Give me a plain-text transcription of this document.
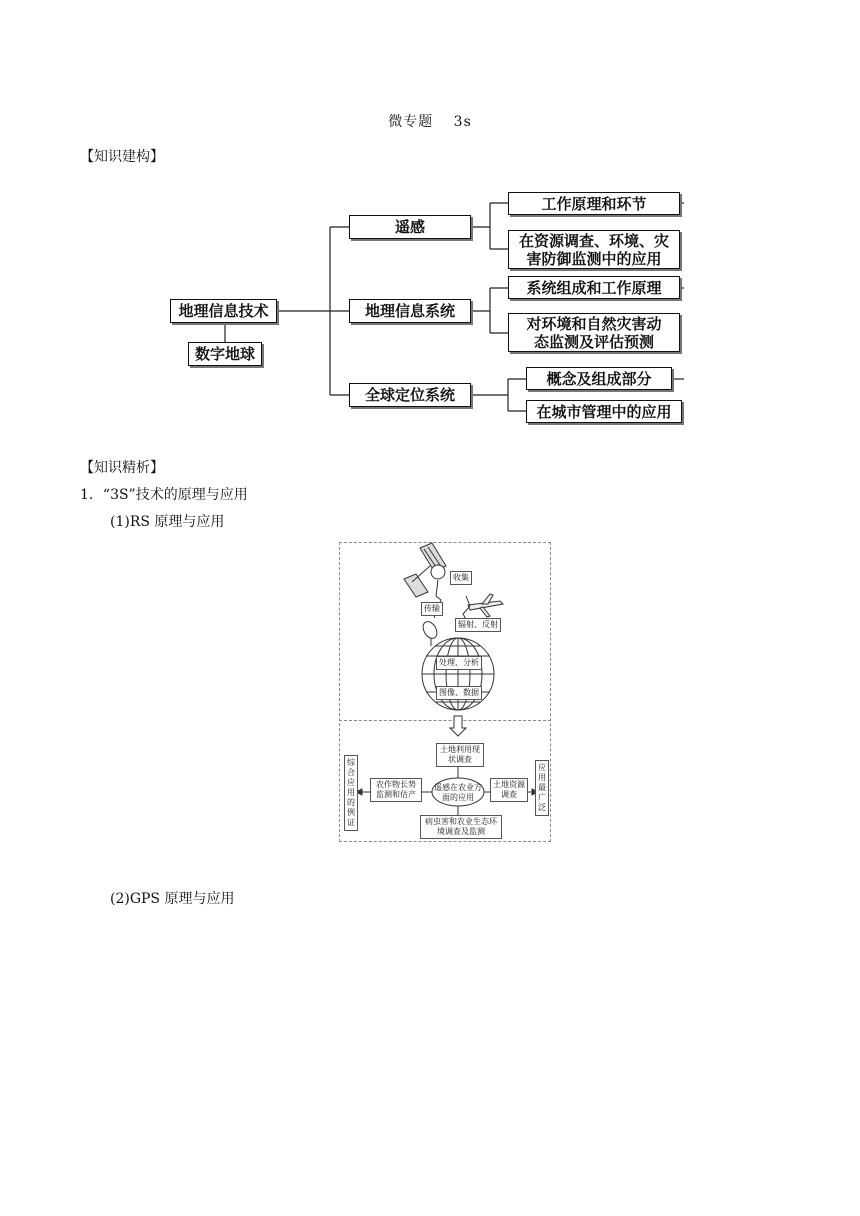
微专题　 3s
【知识建构】
地理信息技术
数字地球
遥感
地理信息系统
全球定位系统
工作原理和环节
在资源调查、环境、灾害防御监测中的应用
系统组成和工作原理
对环境和自然灾害动态监测及评估预测
概念及组成部分
在城市管理中的应用
【知识精析】
1．“3S”技术的原理与应用
(1)RS 原理与应用
收集
传输
辐射、反射
处理、分析
图像、数据
土地利用现状调查
遥感在农业方面的应用
农作物长势监测和估产
土地资源调查
病虫害和农业生态环境调查及监测
综合应用的例证
应用最广泛
(2)GPS 原理与应用
